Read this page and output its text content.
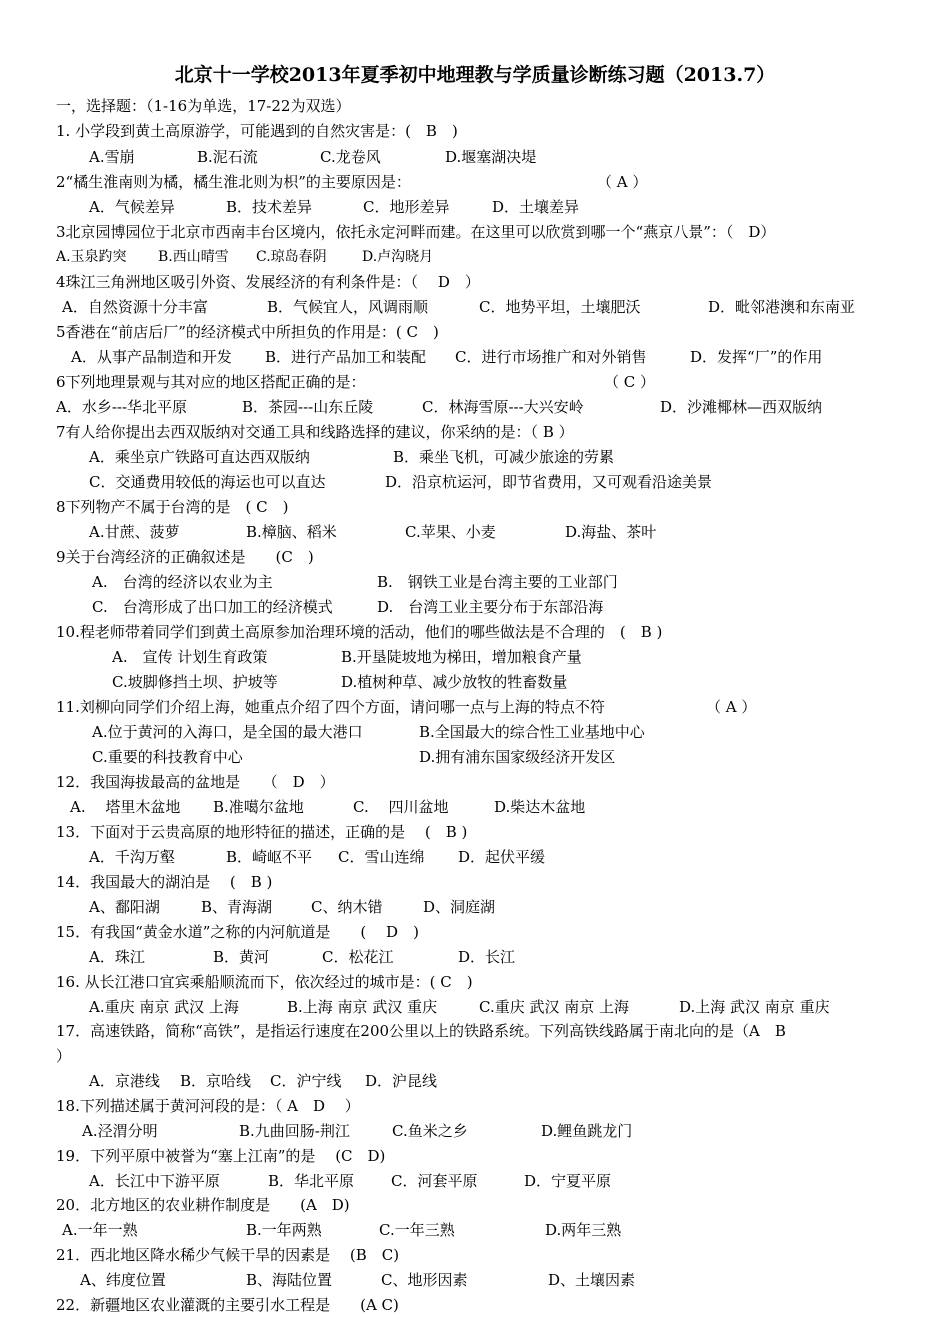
北京十一学校2013年夏季初中地理教与学质量诊断练习题（2013.7）
一，选择题：（1-16为单选，17-22为双选）
1. 小学段到黄土高原游学，可能遇到的自然灾害是：(　B　)
A.雪崩	B.泥石流	C.龙卷风	D.堰塞湖决堤
2“橘生淮南则为橘，橘生淮北则为枳”的主要原因是：	（ A ）
A．气候差异	B．技术差异	C．地形差异	D．土壤差异
3北京园博园位于北京市西南丰台区境内，依托永定河畔而建。在这里可以欣赏到哪一个“燕京八景”：（　D）
A.玉泉趵突 B.西山晴雪 C.琼岛春阴	D.卢沟晓月
4珠江三角洲地区吸引外资、发展经济的有利条件是：（　 D　）
A．自然资源十分丰富	B．气候宜人，风调雨顺	C．地势平坦，土壤肥沃	D．毗邻港澳和东南亚
5香港在“前店后厂”的经济模式中所担负的作用是：( C　)
A．从事产品制造和开发 B．进行产品加工和装配 C．进行市场推广和对外销售	D．发挥“厂”的作用
6下列地理景观与其对应的地区搭配正确的是：	（ C ）
A．水乡---华北平原	B．茶园---山东丘陵	C．林海雪原---大兴安岭	D．沙滩椰林—西双版纳
7有人给你提出去西双版纳对交通工具和线路选择的建议，你采纳的是：（ B ）
A．乘坐京广铁路可直达西双版纳	B．乘坐飞机，可减少旅途的劳累
C．交通费用较低的海运也可以直达	D．沿京杭运河，即节省费用，又可观看沿途美景
8下列物产不属于台湾的是　( C　)
A.甘蔗、菠萝	B.樟脑、稻米	C.苹果、小麦	D.海盐、茶叶
9关于台湾经济的正确叙述是　　(C　)
A.　台湾的经济以农业为主	B.　钢铁工业是台湾主要的工业部门
C.　台湾形成了出口加工的经济模式	D.　台湾工业主要分布于东部沿海
10.程老师带着同学们到黄土高原参加治理环境的活动，他们的哪些做法是不合理的　(　B )
A.　宣传 计划生育政策	B.开垦陡坡地为梯田，增加粮食产量
C.坡脚修挡土坝、护坡等	D.植树种草、减少放牧的牲畜数量
11.刘柳向同学们介绍上海，她重点介绍了四个方面，请问哪一点与上海的特点不符	（ A ）
A.位于黄河的入海口，是全国的最大港口	B.全国最大的综合性工业基地中心
C.重要的科技教育中心	D.拥有浦东国家级经济开发区
12．我国海拔最高的盆地是　　（　D　）
A.　 塔里木盆地 B.准噶尔盆地	C.　 四川盆地	D.柴达木盆地
13．下面对于云贵高原的地形特征的描述，正确的是　 (　B )
A．千沟万壑	B．崎岖不平 C．雪山连绵 D．起伏平缓
14．我国最大的湖泊是　 (　B )
A、鄱阳湖	B、青海湖	C、纳木错	D、洞庭湖
15．有我国“黄金水道”之称的内河航道是　　(　 D　)
A．珠江	B．黄河	C．松花江	D．长江
16. 从长江港口宜宾乘船顺流而下，依次经过的城市是：( C　)
A.重庆 南京 武汉 上海	B.上海 南京 武汉 重庆	C.重庆 武汉 南京 上海	D.上海 武汉 南京 重庆
17．高速铁路，简称“高铁”，是指运行速度在200公里以上的铁路系统。下列高铁线路属于南北向的是（A　B
）
A．京港线 B．京哈线 C．沪宁线 D．沪昆线
18.下列描述属于黄河河段的是：（ A　D　 ）
A.泾渭分明	B.九曲回肠-荆江	C.鱼米之乡	D.鲤鱼跳龙门
19．下列平原中被誉为“塞上江南”的是　 (C　D)
A．长江中下游平原	B．华北平原 C．河套平原	D．宁夏平原
20．北方地区的农业耕作制度是　　(A　D)
A.一年一熟	B.一年两熟	C.一年三熟	D.两年三熟
21．西北地区降水稀少气候干旱的因素是　 (B　C)
A、纬度位置	B、海陆位置	C、地形因素	D、土壤因素
22．新疆地区农业灌溉的主要引水工程是　　(A C)
